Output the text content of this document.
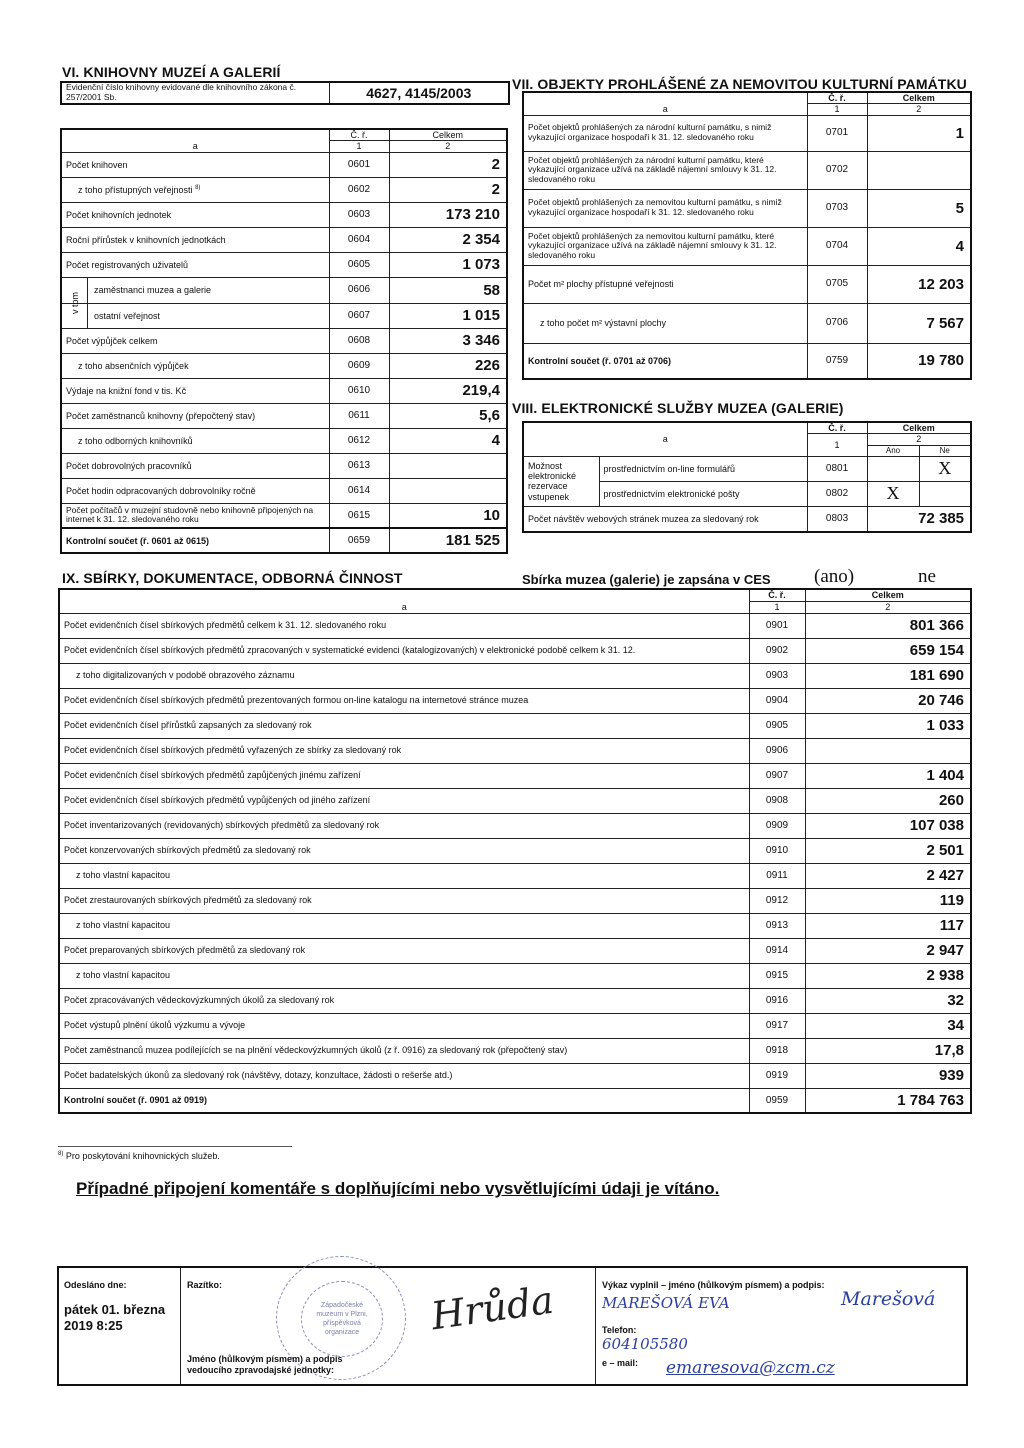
VI. KNIHOVNY MUZEÍ A GALERIÍ
Evidenční číslo knihovny evidované dle knihovního zákona č. 257/2001 Sb.	4627, 4145/2003
a	Č. ř.	Celkem
	1	2
Počet knihoven	0601	2
z toho přístupných veřejnosti $^{8)}$	0602	2
Počet knihovních jednotek	0603	173 210
Roční přírůstek v knihovních jednotkách	0604	2 354
Počet registrovaných uživatelů	0605	1 073

v tom
zaměstnanci muzea a galerie	0606	58
ostatní veřejnost	0607	1 015
Počet výpůjček celkem	0608	3 346
z toho absenčních výpůjček	0609	226
Výdaje na knižní fond v tis. Kč	0610	219,4
Počet zaměstnanců knihovny (přepočtený stav)	0611	5,6
z toho odborných knihovníků	0612	4
Počet dobrovolných pracovníků	0613	
Počet hodin odpracovaných dobrovolníky ročně	0614	
Počet počítačů v muzejní studovně nebo knihovně připojených na internet k 31. 12. sledovaného roku	0615	10
Kontrolní součet (ř. 0601 až 0615)	0659	181 525
VII. OBJEKTY PROHLÁŠENÉ ZA NEMOVITOU KULTURNÍ PAMÁTKU
a	Č. ř.	Celkem
	1	2
Počet objektů prohlášených za národní kulturní památku, s nimiž vykazující organizace hospodaří k 31. 12. sledovaného roku	0701	1
Počet objektů prohlášených za národní kulturní památku, které vykazující organizace užívá na základě nájemní smlouvy k 31. 12. sledovaného roku	0702	
Počet objektů prohlášených za nemovitou kulturní památku, s nimiž vykazující organizace hospodaří k 31. 12. sledovaného roku	0703	5
Počet objektů prohlášených za nemovitou kulturní památku, které vykazující organizace užívá na základě nájemní smlouvy k 31. 12. sledovaného roku	0704	4
Počet m² plochy přístupné veřejnosti	0705	12 203
z toho počet m² výstavní plochy	0706	7 567
Kontrolní součet (ř. 0701 až 0706)	0759	19 780
VIII. ELEKTRONICKÉ SLUŽBY MUZEA (GALERIE)
a		Č. ř.	Celkem	
		1	2	
			Ano	Ne
Možnost elektronické rezervace vstupenek	prostřednictvím on-line formulářů	0801		X
	prostřednictvím elektronické pošty	0802	X	
Počet návštěv webových stránek muzea za sledovaný rok		0803	72 385	
IX. SBÍRKY, DOKUMENTACE, ODBORNÁ ČINNOST	Sbírka muzea (galerie) je zapsána v CES (ano)	ne
a	Č. ř.	Celkem
	1	2
Počet evidenčních čísel sbírkových předmětů celkem k 31. 12. sledovaného roku	0901	801 366
Počet evidenčních čísel sbírkových předmětů zpracovaných v systematické evidenci (katalogizovaných) v elektronické podobě celkem k 31. 12.	0902	659 154
z toho digitalizovaných v podobě obrazového záznamu	0903	181 690
Počet evidenčních čísel sbírkových předmětů prezentovaných formou on-line katalogu na internetové stránce muzea	0904	20 746
Počet evidenčních čísel přírůstků zapsaných za sledovaný rok	0905	1 033
Počet evidenčních čísel sbírkových předmětů vyřazených ze sbírky za sledovaný rok	0906	
Počet evidenčních čísel sbírkových předmětů zapůjčených jinému zařízení	0907	1 404
Počet evidenčních čísel sbírkových předmětů vypůjčených od jiného zařízení	0908	260
Počet inventarizovaných (revidovaných) sbírkových předmětů za sledovaný rok	0909	107 038
Počet konzervovaných sbírkových předmětů za sledovaný rok	0910	2 501
z toho vlastní kapacitou	0911	2 427
Počet zrestaurovaných sbírkových předmětů za sledovaný rok	0912	119
z toho vlastní kapacitou	0913	117
Počet preparovaných sbírkových předmětů za sledovaný rok	0914	2 947
z toho vlastní kapacitou	0915	2 938
Počet zpracovávaných vědeckovýzkumných úkolů za sledovaný rok	0916	32
Počet výstupů plnění úkolů výzkumu a vývoje	0917	34
Počet zaměstnanců muzea podílejících se na plnění vědeckovýzkumných úkolů (z ř. 0916) za sledovaný rok (přepočtený stav)	0918	17,8
Počet badatelských úkonů za sledovaný rok (návštěvy, dotazy, konzultace, žádosti o rešerše atd.)	0919	939
Kontrolní součet (ř. 0901 až 0919)	0959	1 784 763
$^{8)}$ Pro poskytování knihovnických služeb.
Případné připojení komentáře s doplňujícími nebo vysvětlujícími údaji je vítáno.
Odesláno dne:
pátek 01. března 2019 8:25
Razítko:
Západočeské muzeum v Plzni, příspěvková organizace	Hrůda
Jméno (hůlkovým písmem) a podpis vedoucího zpravodajské jednotky:
Výkaz vyplnil – jméno (hůlkovým písmem) a podpis:
MAREŠOVÁ EVA	Marešová
Telefon:
604105580
e – mail: emaresova@zcm.cz
